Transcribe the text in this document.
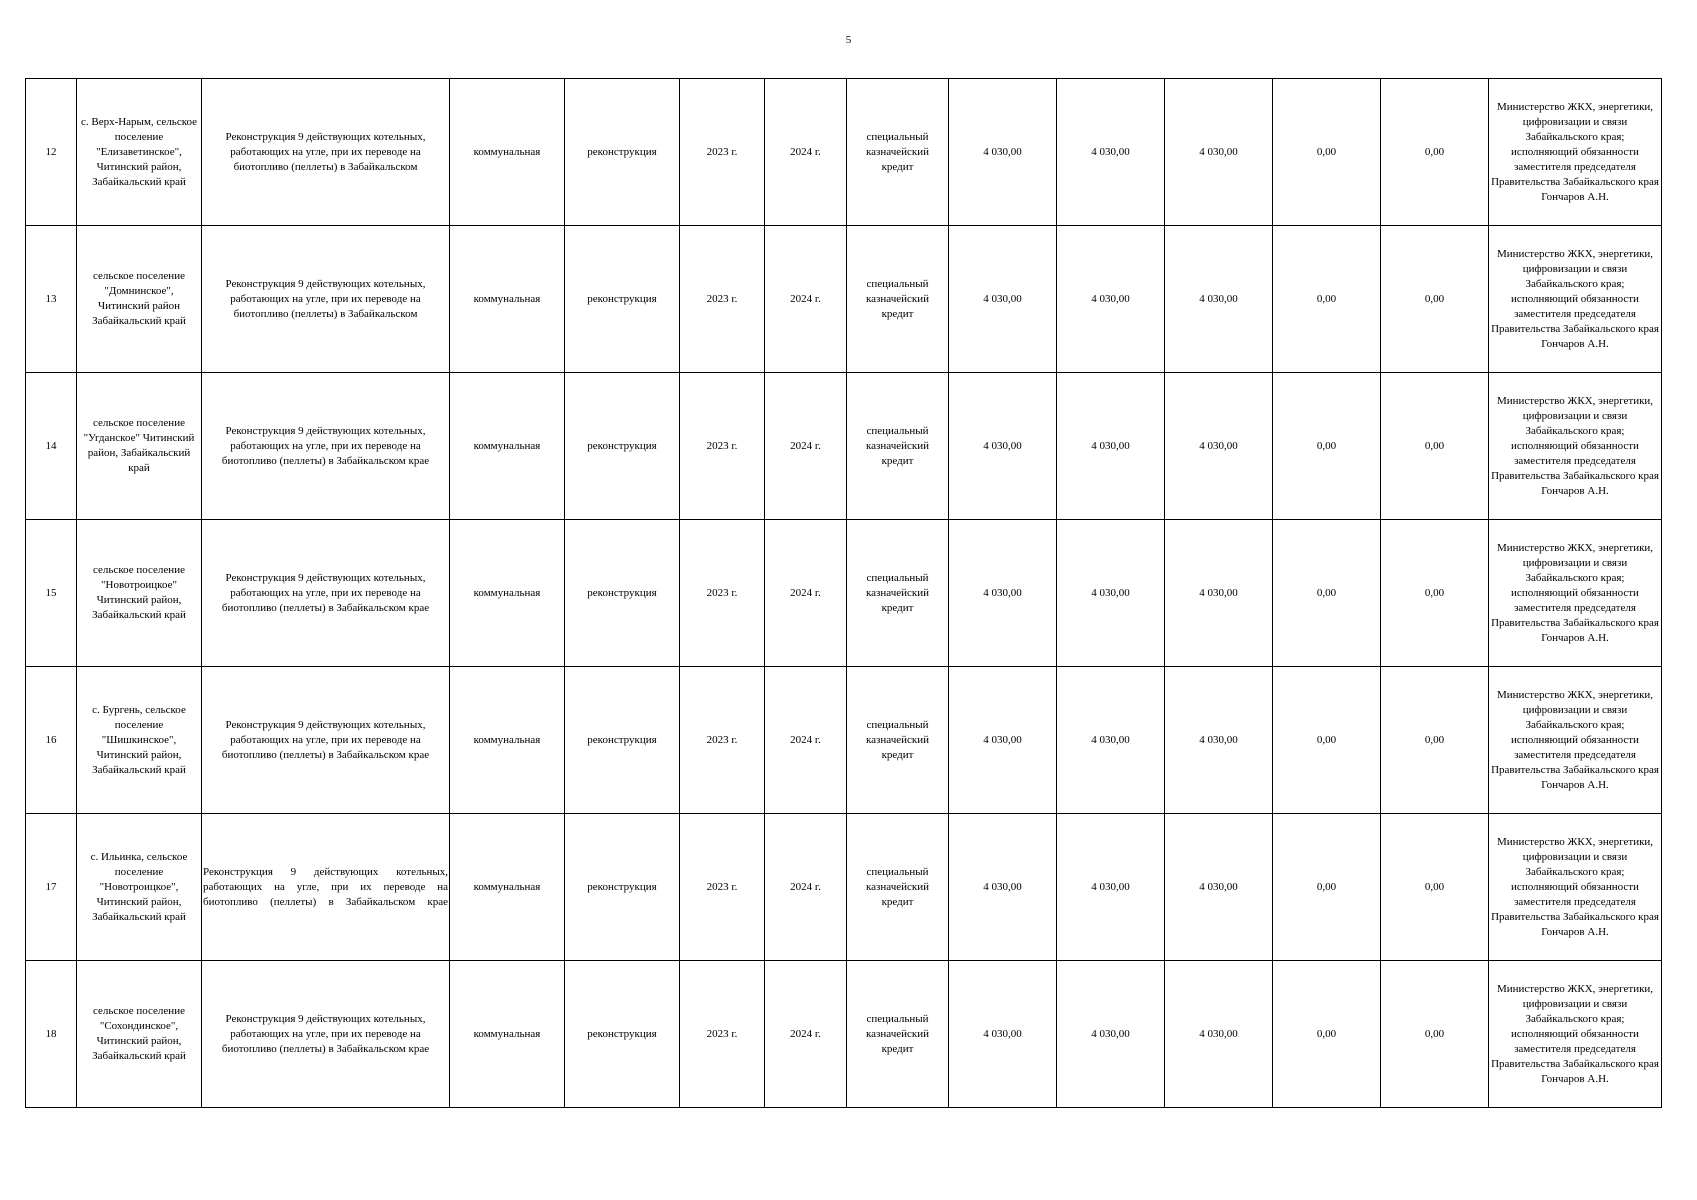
5
12	с. Верх-Нарым, сельское поселение "Елизаветинское", Читинский район, Забайкальский край	Реконструкция 9 действующих котельных, работающих на угле, при их переводе на биотопливо (пеллеты) в Забайкальском	коммунальная	реконструкция	2023 г.	2024 г.	специальный казначейский кредит	4 030,00	4 030,00	4 030,00	0,00	0,00	Министерство ЖКХ, энергетики, цифровизации и связи Забайкальского края; исполняющий обязанности заместителя председателя Правительства Забайкальского края Гончаров А.Н.
13	сельское поселение "Домнинское", Читинский район Забайкальский край	Реконструкция 9 действующих котельных, работающих на угле, при их переводе на биотопливо (пеллеты) в Забайкальском	коммунальная	реконструкция	2023 г.	2024 г.	специальный казначейский кредит	4 030,00	4 030,00	4 030,00	0,00	0,00	Министерство ЖКХ, энергетики, цифровизации и связи Забайкальского края; исполняющий обязанности заместителя председателя Правительства Забайкальского края Гончаров А.Н.
14	сельское поселение "Угданское" Читинский район, Забайкальский край	Реконструкция 9 действующих котельных, работающих на угле, при их переводе на биотопливо (пеллеты) в Забайкальском крае	коммунальная	реконструкция	2023 г.	2024 г.	специальный казначейский кредит	4 030,00	4 030,00	4 030,00	0,00	0,00	Министерство ЖКХ, энергетики, цифровизации и связи Забайкальского края; исполняющий обязанности заместителя председателя Правительства Забайкальского края Гончаров А.Н.
15	сельское поселение "Новотроицкое" Читинский район, Забайкальский край	Реконструкция 9 действующих котельных, работающих на угле, при их переводе на биотопливо (пеллеты) в Забайкальском крае	коммунальная	реконструкция	2023 г.	2024 г.	специальный казначейский кредит	4 030,00	4 030,00	4 030,00	0,00	0,00	Министерство ЖКХ, энергетики, цифровизации и связи Забайкальского края; исполняющий обязанности заместителя председателя Правительства Забайкальского края Гончаров А.Н.
16	с. Бургень, сельское поселение "Шишкинское", Читинский район, Забайкальский край	Реконструкция 9 действующих котельных, работающих на угле, при их переводе на биотопливо (пеллеты) в Забайкальском крае	коммунальная	реконструкция	2023 г.	2024 г.	специальный казначейский кредит	4 030,00	4 030,00	4 030,00	0,00	0,00	Министерство ЖКХ, энергетики, цифровизации и связи Забайкальского края; исполняющий обязанности заместителя председателя Правительства Забайкальского края Гончаров А.Н.
17	с. Ильинка, сельское поселение "Новотроицкое", Читинский район, Забайкальский край	Реконструкция 9 действующих котельных, работающих на угле, при их переводе на биотопливо (пеллеты) в Забайкальском крае	коммунальная	реконструкция	2023 г.	2024 г.	специальный казначейский кредит	4 030,00	4 030,00	4 030,00	0,00	0,00	Министерство ЖКХ, энергетики, цифровизации и связи Забайкальского края; исполняющий обязанности заместителя председателя Правительства Забайкальского края Гончаров А.Н.
18	сельское поселение "Сохондинское", Читинский район, Забайкальский край	Реконструкция 9 действующих котельных, работающих на угле, при их переводе на биотопливо (пеллеты) в Забайкальском крае	коммунальная	реконструкция	2023 г.	2024 г.	специальный казначейский кредит	4 030,00	4 030,00	4 030,00	0,00	0,00	Министерство ЖКХ, энергетики, цифровизации и связи Забайкальского края; исполняющий обязанности заместителя председателя Правительства Забайкальского края Гончаров А.Н.
